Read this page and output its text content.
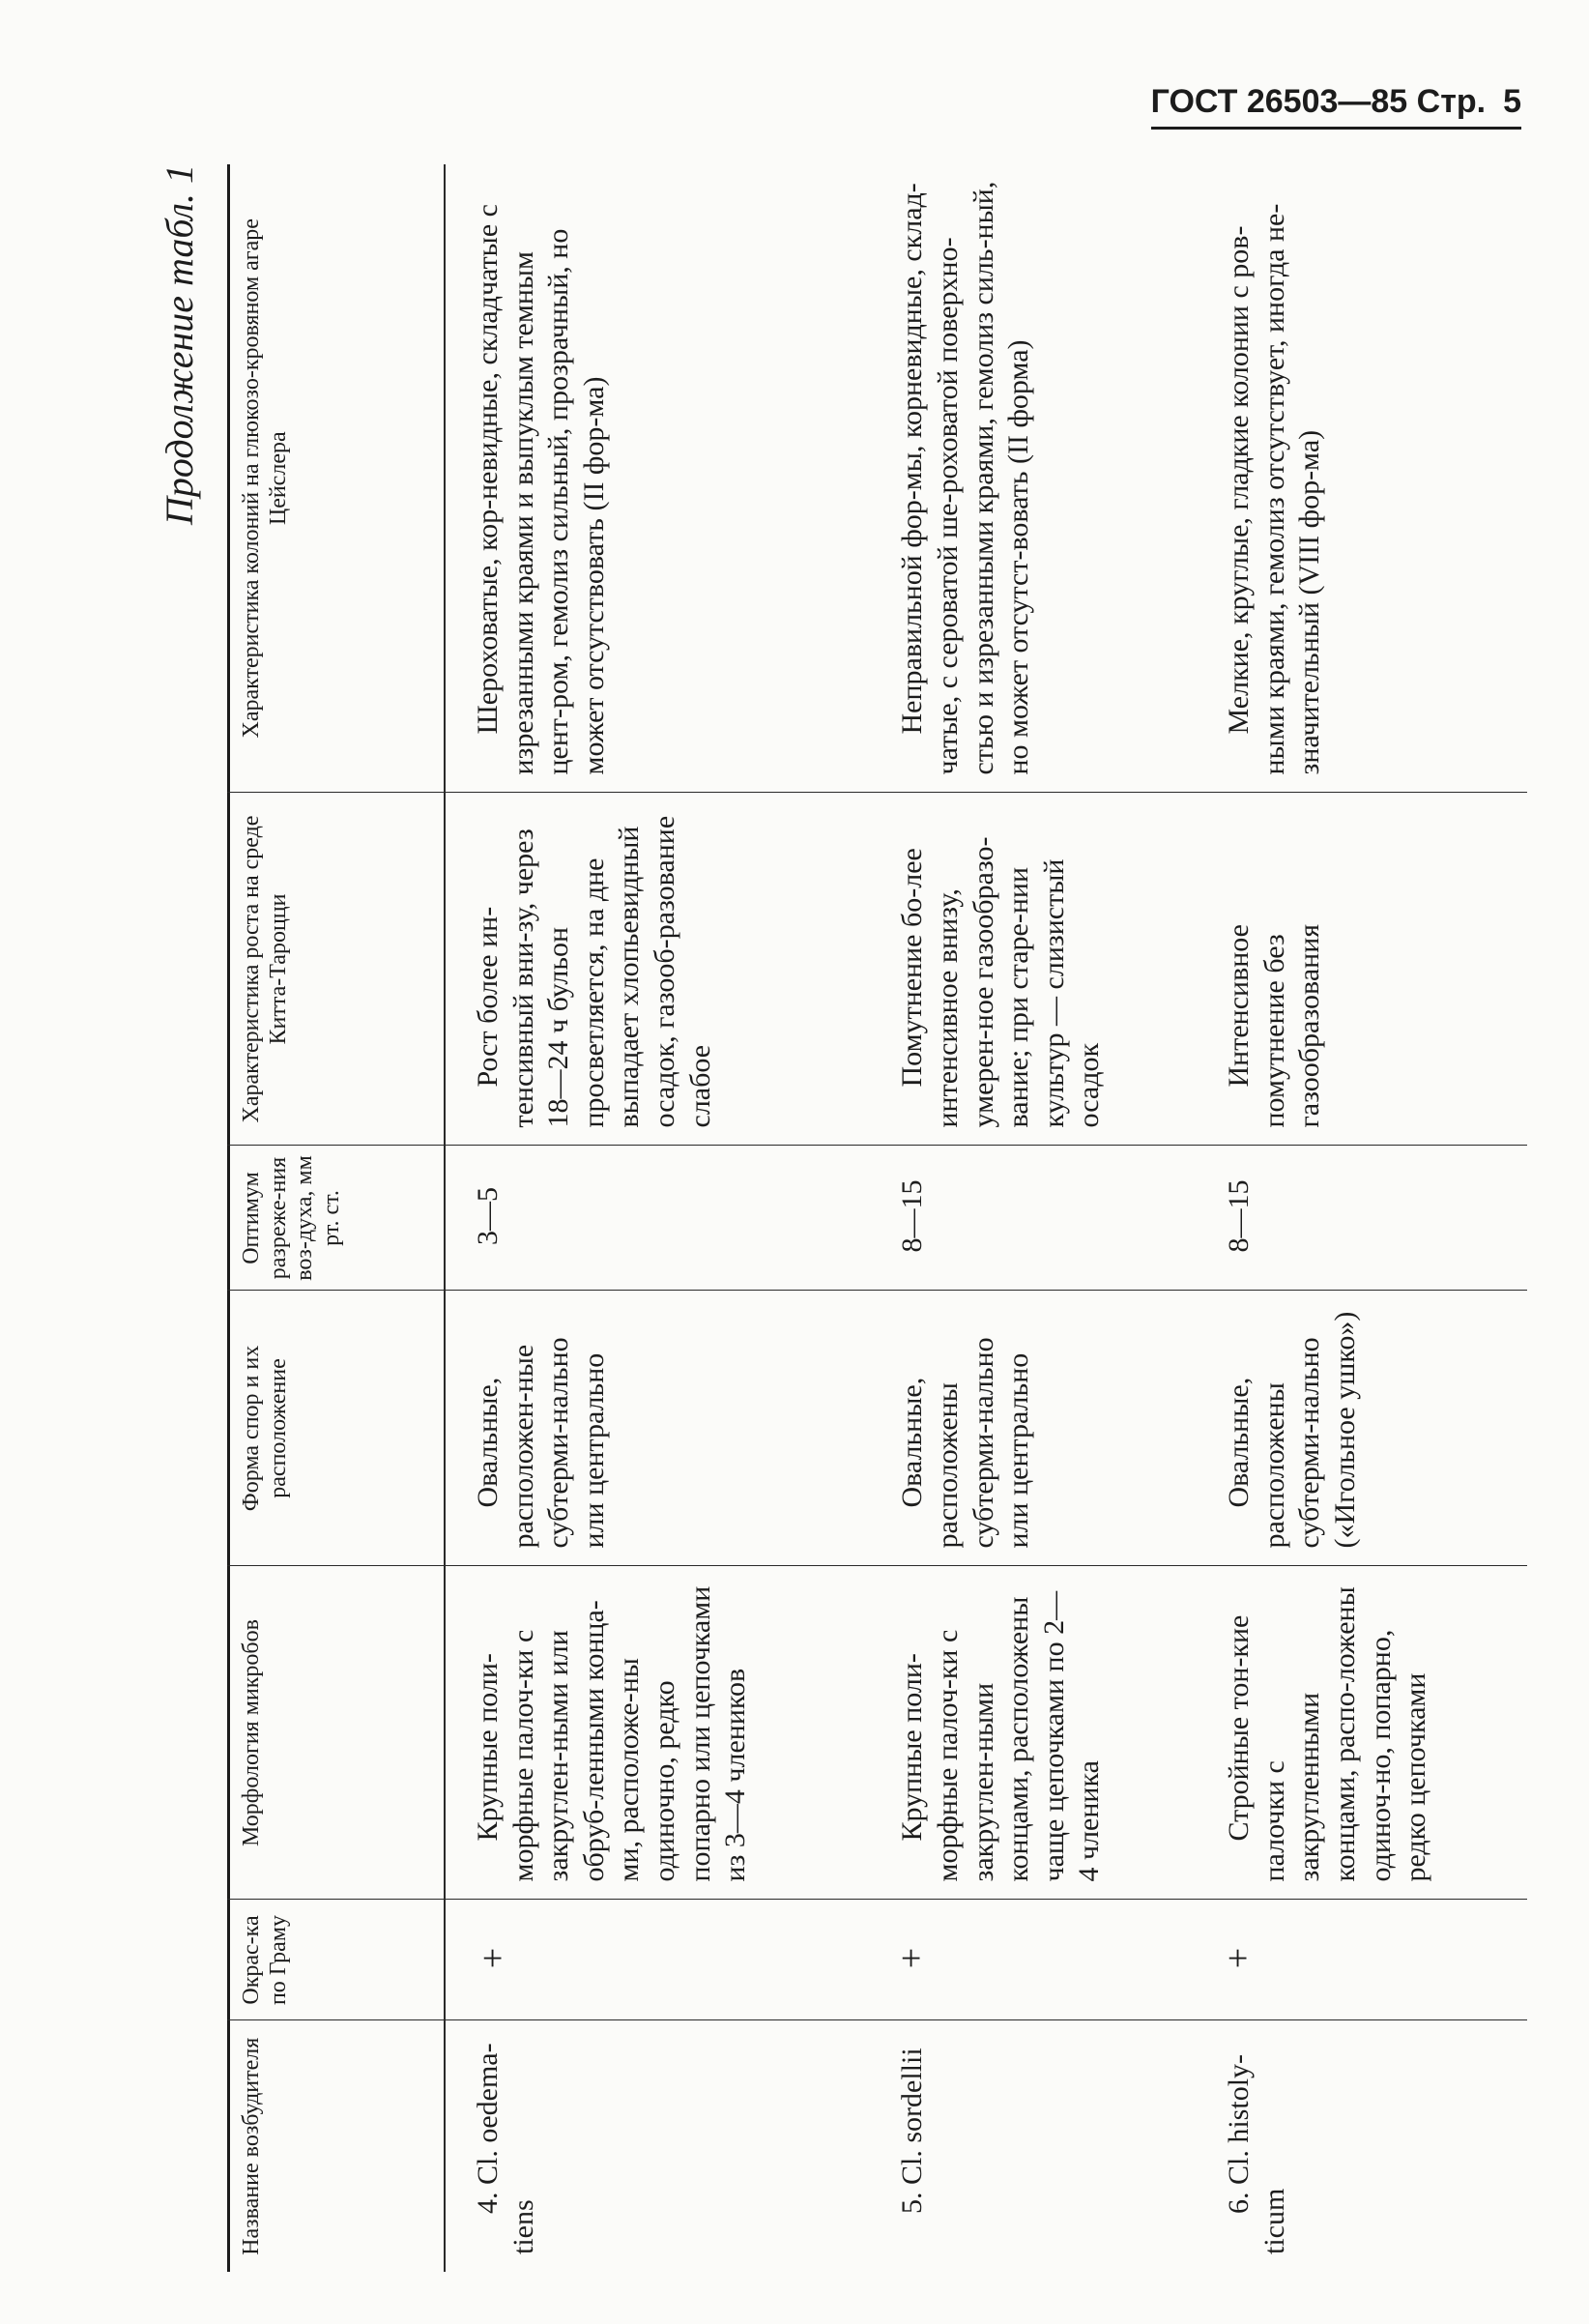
ГОСТ 26503—85 Стр. 5
Продолжение табл. 1
Название возбудителя	Окрас-ка по Граму	Морфология микробов	Форма спор и их расположение	Оптимум разреже-ния воз-духа, мм рт. ст.	Характеристика роста на среде Китта-Тароцци	Характеристика колоний на глюкозо-кровяном агаре Цейслера
4. Cl. oedema-tiens	+	Крупные поли-морфные палоч-ки с закруглен-ными или обруб-ленными конца-ми, расположе-ны одиночно, редко попарно или цепочками из 3—4 члеников	Овальные, расположен-ные субтерми-нально или центрально	3—5	Рост более ин-тенсивный вни-зу, через 18—24 ч бульон просветляется, на дне выпадает хлопьевидный осадок, газооб-разование слабое	Шероховатые, кор-невидные, складчатые с изрезанными краями и выпуклым темным цент-ром, гемолиз сильный, прозрачный, но может отсутствовать (II фор-ма)
5. Cl. sordellii	+	Крупные поли-морфные палоч-ки с закруглен-ными концами, расположены чаще цепочками по 2—4 членика	Овальные, расположены субтерми-нально или центрально	8—15	Помутнение бо-лее интенсивное внизу, умерен-ное газообразо-вание; при старе-нии культур — слизистый осадок	Неправильной фор-мы, корневидные, склад-чатые, с сероватой ше-роховатой поверхно-стью и изрезанными краями, гемолиз силь-ный, но может отсутст-вовать (II форма)
6. Cl. histoly-ticum	+	Стройные тон-кие палочки с закругленными концами, распо-ложены одиноч-но, попарно, редко цепочками	Овальные, расположены субтерми-нально («Игольное ушко»)	8—15	Интенсивное помутнение без газообразования	Мелкие, круглые, гладкие колонии с ров-ными краями, гемолиз отсутствует, иногда не-значительный (VIII фор-ма)
